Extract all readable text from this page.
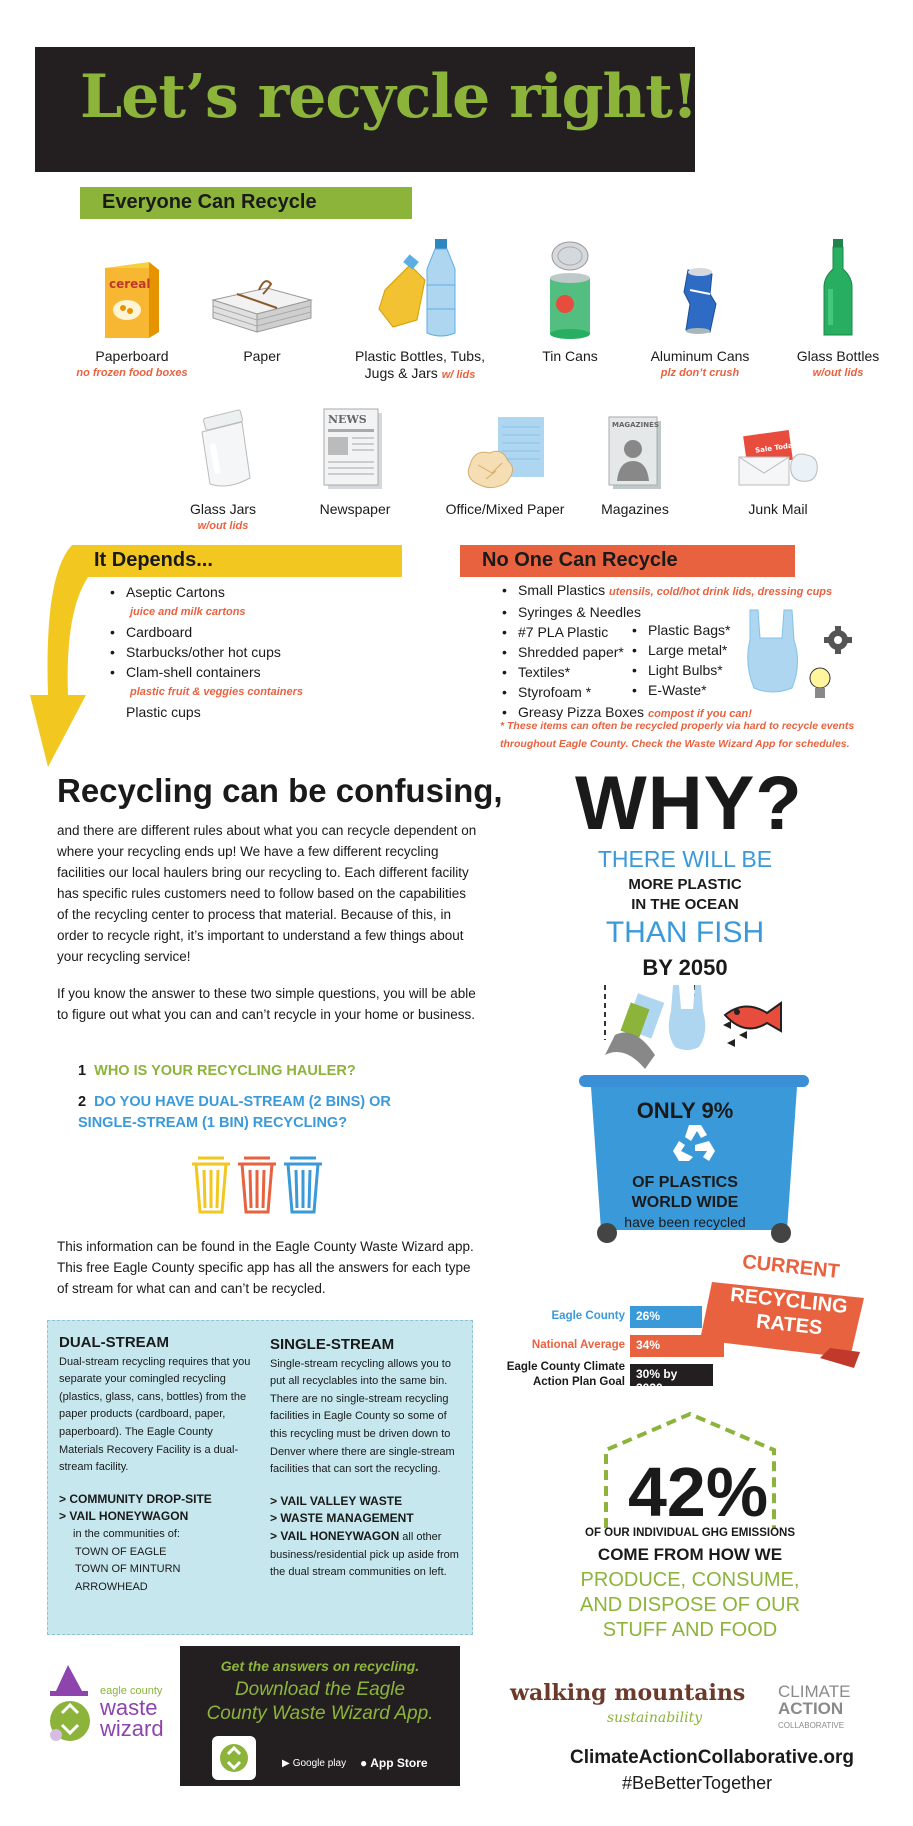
Let’s recycle right!
Everyone Can Recycle
cereal
Paperboard
no frozen food boxes
Paper	Plastic Bottles, Tubs,
Jugs & Jars w/ lids
Tin Cans	Aluminum Cans
plz don’t crush
Glass Bottles
w/out lids
Glass Jars
w/out lids
NEWS
Newspaper	Office/Mixed Paper
MAGAZINES
Magazines
Sale Today
Junk Mail
It Depends...
• Aseptic Cartons
juice and milk cartons
• Cardboard
• Starbucks/other hot cups
• Clam-shell containers
plastic fruit & veggies containers
Plastic cups
No One Can Recycle
• Small Plastics utensils, cold/hot drink lids, dressing cups
• Syringes & Needles
• #7 PLA Plastic
• Shredded paper*
• Textiles*
• Styrofoam *
• Greasy Pizza Boxes compost if you can!
• Plastic Bags*
• Large metal*
• Light Bulbs*
• E-Waste*
* These items can often be recycled properly via hard to recycle events
throughout Eagle County. Check the Waste Wizard App for schedules.
Recycling can be confusing,
and there are different rules about what you can recycle dependent on where your recycling ends up! We have a few different recycling facilities our local haulers bring our recycling to. Each different facility has specific rules customers need to follow based on the capabilities of the recycling center to process that material. Because of this, in order to recycle right, it’s important to understand a few things about your recycling service!
If you know the answer to these two simple questions, you will be able to figure out what you can and can’t recycle in your home or business.
1 WHO IS YOUR RECYCLING HAULER?
2 DO YOU HAVE DUAL-STREAM (2 BINS) OR
SINGLE-STREAM (1 BIN) RECYCLING?
This information can be found in the Eagle County Waste Wizard app. This free Eagle County specific app has all the answers for each type of stream for what can and can’t be recycled.
DUAL-STREAM
Dual-stream recycling requires that you separate your comingled recycling (plastics, glass, cans, bottles) from the paper products (cardboard, paper, paperboard). The Eagle County Materials Recovery Facility is a dual-stream facility.
> COMMUNITY DROP-SITE
> VAIL HONEYWAGON
in the communities of:
TOWN OF EAGLE
TOWN OF MINTURN
ARROWHEAD
SINGLE-STREAM
Single-stream recycling allows you to put all recyclables into the same bin. There are no single-stream recycling facilities in Eagle County so some of this recycling must be driven down to Denver where there are single-stream facilities that can sort the recycling.
> VAIL VALLEY WASTE
> WASTE MANAGEMENT
> VAIL HONEYWAGON all other business/residential pick up aside from the dual stream communities on left.
WHY?
THERE WILL BE
MORE PLASTIC
IN THE OCEAN
THAN FISH
BY 2050
ONLY 9%
OF PLASTICS
WORLD WIDE
have been recycled
CURRENT
RECYCLING
RATES
Eagle County 26%
National Average 34%
Eagle County Climate
Action Plan Goal
30% by 2030
42%
OF OUR INDIVIDUAL GHG EMISSIONS
COME FROM HOW WE
PRODUCE, CONSUME,
AND DISPOSE OF OUR
STUFF AND FOOD
eagle county
waste
wizard
Get the answers on recycling.
Download the Eagle
County Waste Wizard App.
▶ Google play ● App Store
walking mountains
sustainability
CLIMATE
ACTION
COLLABORATIVE
ClimateActionCollaborative.org
#BeBetterTogether
